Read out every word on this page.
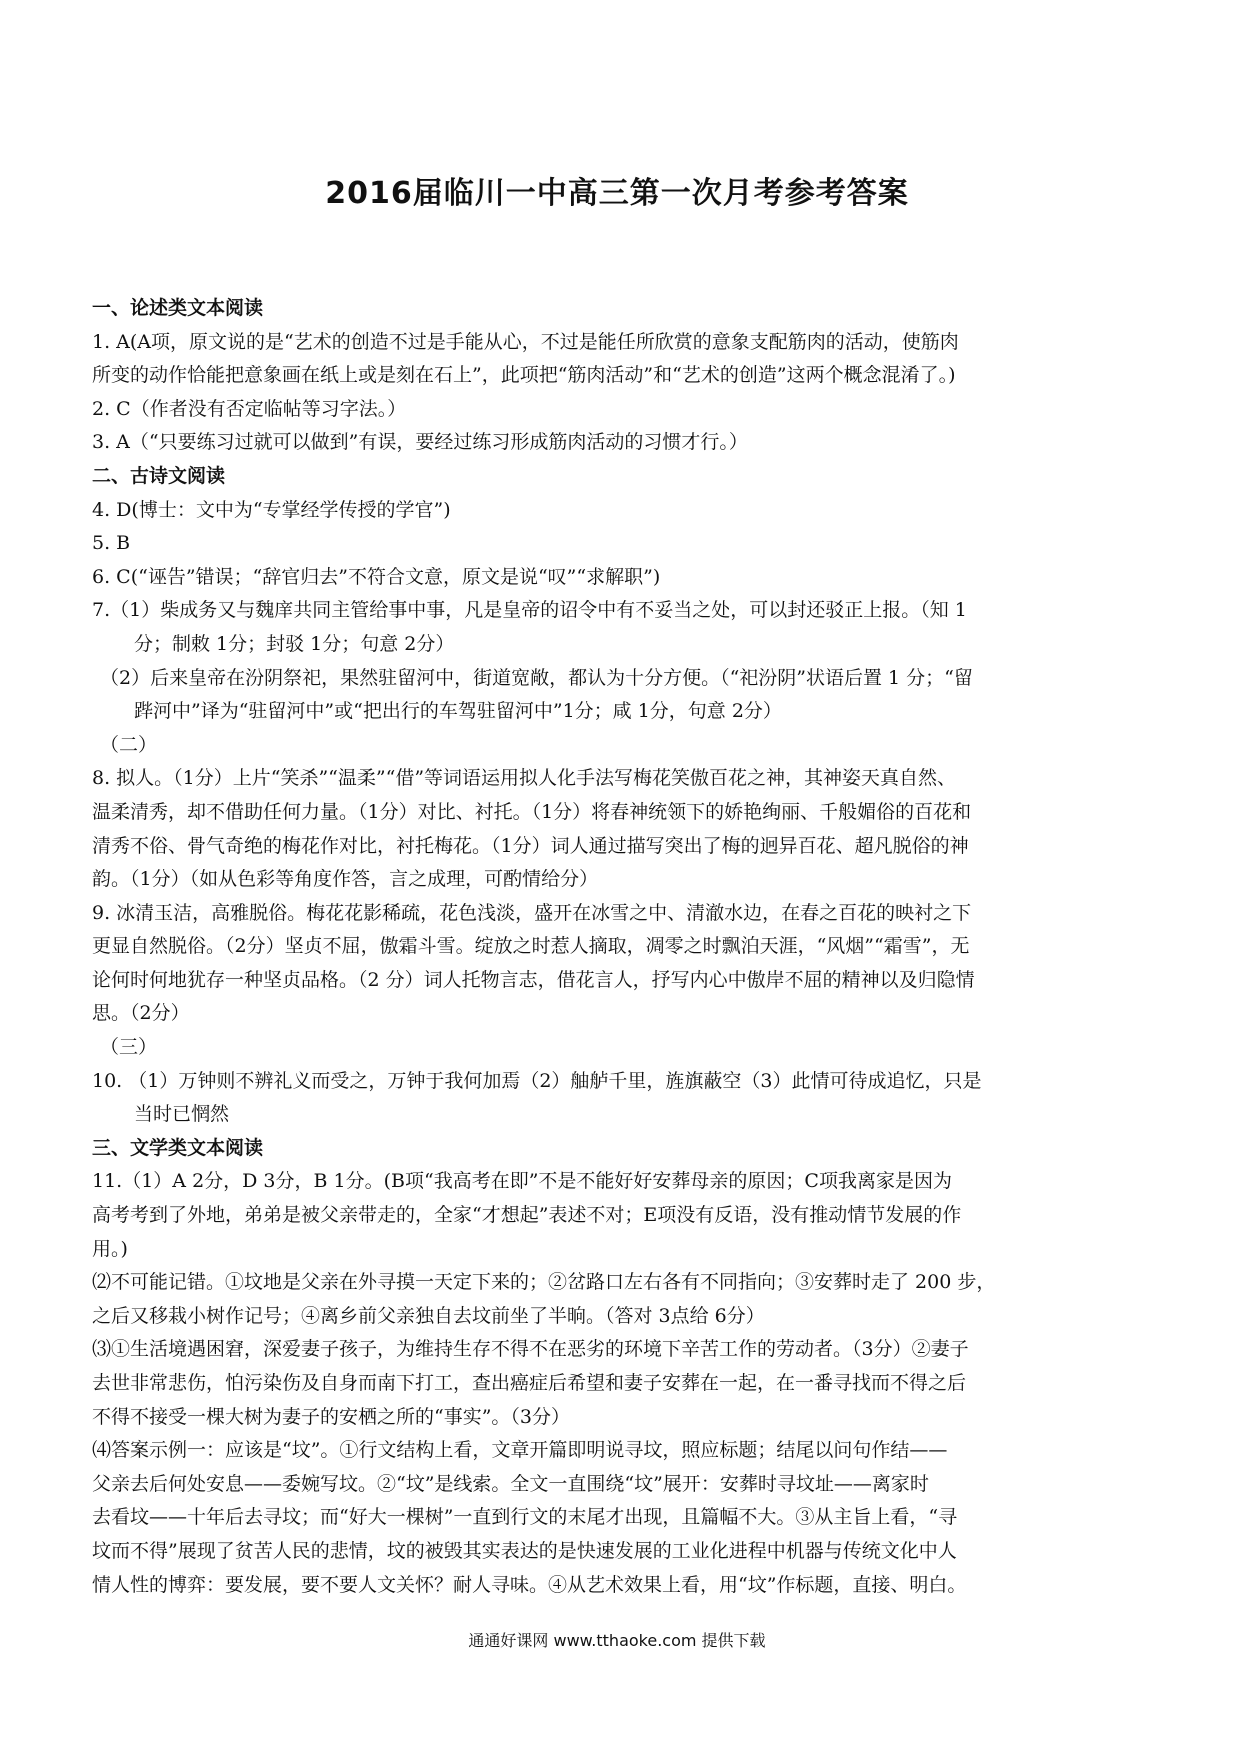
2016届临川一中高三第一次月考参考答案
一、论述类文本阅读
1. A(A项，原文说的是“艺术的创造不过是手能从心，不过是能任所欣赏的意象支配筋肉的活动，使筋肉
所变的动作恰能把意象画在纸上或是刻在石上”，此项把“筋肉活动”和“艺术的创造”这两个概念混淆了。)
2. C（作者没有否定临帖等习字法。）
3. A（“只要练习过就可以做到”有误，要经过练习形成筋肉活动的习惯才行。）
二、古诗文阅读
4. D(博士：文中为“专掌经学传授的学官”)
5. B
6. C(“诬告”错误；“辞官归去”不符合文意，原文是说“叹”“求解职”)
7.（1）柴成务又与魏庠共同主管给事中事，凡是皇帝的诏令中有不妥当之处，可以封还驳正上报。（知 1
分；制敕 1分；封驳 1分；句意 2分）
（2）后来皇帝在汾阴祭祀，果然驻留河中，街道宽敞，都认为十分方便。（“祀汾阴”状语后置 1 分；“留
跸河中”译为“驻留河中”或“把出行的车驾驻留河中”1分；咸 1分，句意 2分）
（二）
8. 拟人。（1分）上片“笑杀”“温柔”“借”等词语运用拟人化手法写梅花笑傲百花之神，其神姿天真自然、
温柔清秀，却不借助任何力量。（1分）对比、衬托。（1分）将春神统领下的娇艳绚丽、千般媚俗的百花和
清秀不俗、骨气奇绝的梅花作对比，衬托梅花。（1分）词人通过描写突出了梅的迥异百花、超凡脱俗的神
韵。（1分）（如从色彩等角度作答，言之成理，可酌情给分）
9. 冰清玉洁，高雅脱俗。梅花花影稀疏，花色浅淡，盛开在冰雪之中、清澈水边，在春之百花的映衬之下
更显自然脱俗。（2分）坚贞不屈，傲霜斗雪。绽放之时惹人摘取，凋零之时飘泊天涯，“风烟”“霜雪”，无
论何时何地犹存一种坚贞品格。（2 分）词人托物言志，借花言人，抒写内心中傲岸不屈的精神以及归隐情
思。（2分）
（三）
10. （1）万钟则不辨礼义而受之，万钟于我何加焉（2）舳舻千里，旌旗蔽空（3）此情可待成追忆，只是
当时已惘然
三、文学类文本阅读
11.（1）A 2分，D 3分，B 1分。(B项“我高考在即”不是不能好好安葬母亲的原因；C项我离家是因为
高考考到了外地，弟弟是被父亲带走的，全家“才想起”表述不对；E项没有反语，没有推动情节发展的作
用。)
⑵不可能记错。①坟地是父亲在外寻摸一天定下来的；②岔路口左右各有不同指向；③安葬时走了 200 步，
之后又移栽小树作记号；④离乡前父亲独自去坟前坐了半晌。（答对 3点给 6分）
⑶①生活境遇困窘，深爱妻子孩子，为维持生存不得不在恶劣的环境下辛苦工作的劳动者。（3分）②妻子
去世非常悲伤，怕污染伤及自身而南下打工，查出癌症后希望和妻子安葬在一起，在一番寻找而不得之后
不得不接受一棵大树为妻子的安栖之所的“事实”。（3分）
⑷答案示例一：应该是“坟”。①行文结构上看，文章开篇即明说寻坟，照应标题；结尾以问句作结——
父亲去后何处安息——委婉写坟。②“坟”是线索。全文一直围绕“坟”展开：安葬时寻坟址——离家时
去看坟——十年后去寻坟；而“好大一棵树”一直到行文的末尾才出现，且篇幅不大。③从主旨上看，“寻
坟而不得”展现了贫苦人民的悲情，坟的被毁其实表达的是快速发展的工业化进程中机器与传统文化中人
情人性的博弈：要发展，要不要人文关怀？耐人寻味。④从艺术效果上看，用“坟”作标题，直接、明白。
通通好课网 www.tthaoke.com 提供下载
